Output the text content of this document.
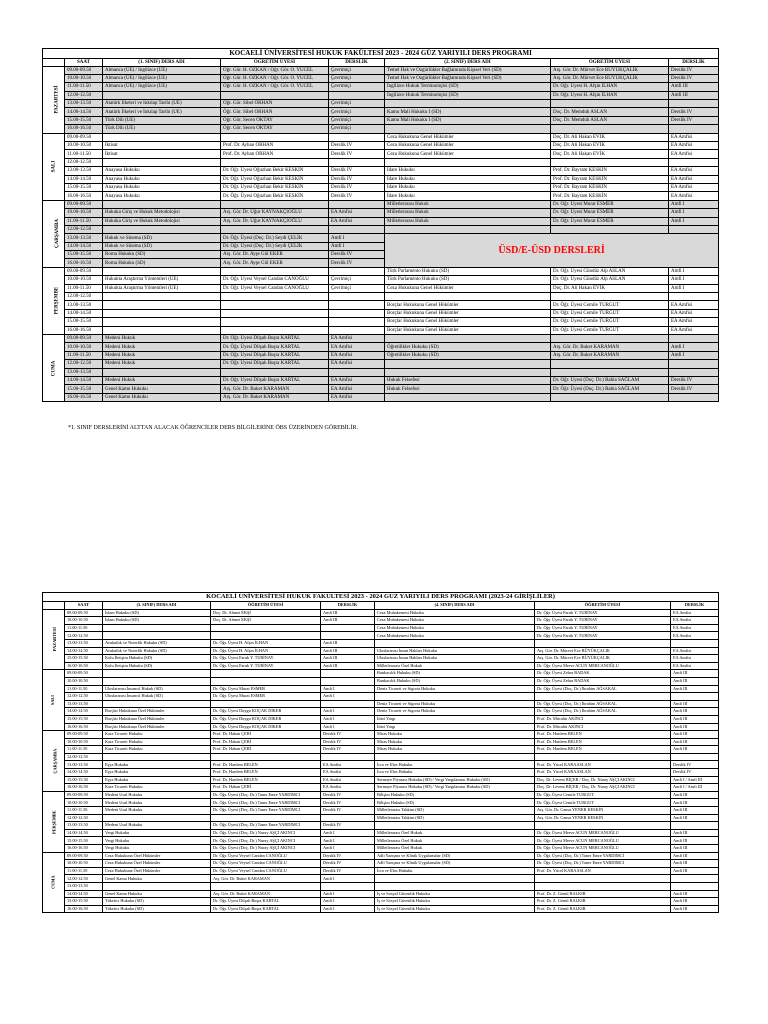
KOCAELİ ÜNİVERSİTESİ HUKUK FAKÜLTESİ 2023 - 2024 GÜZ YARIYILI DERS PROGRAMI							
	SAAT	(1. SINIF) DERS ADI	ÖĞRETİM ÜYESİ	DERSLİK	(2. SINIF) DERS ADI	ÖĞRETİM ÜYESİ	DERSLİK
PAZARTESİ	09.00-09.50	Almanca (UE) / İngilizce (UE)	Öğr. Gör. H. ÖZKAN / Öğr. Gör. Ö. YÜCEL	Çevrimiçi	Temel Hak ve Özgürlükler Bağlamında Kişisel Veri (SD)	Arş. Gör. Dr. Mürvet Ece BÜYÜKÇALIK	Derslik IV
	10.00-10.50	Almanca (UE) / İngilizce (UE)	Öğr. Gör. H. ÖZKAN / Öğr. Gör. Ö. YÜCEL	Çevrimiçi	Temel Hak ve Özgürlükler Bağlamında Kişisel Veri (SD)	Arş. Gör. Dr. Mürvet Ece BÜYÜKÇALIK	Derslik IV
	11.00-11.50	Almanca (UE) / İngilizce (UE)	Öğr. Gör. H. ÖZKAN / Öğr. Gör. Ö. YÜCEL	Çevrimiçi	İngilizce Hukuk Terminolojisi (SD)	Dr. Öğr. Üyesi H. Afşin İLHAN	Amfi III
	12.00-12.50				İngilizce Hukuk Terminolojisi (SD)	Dr. Öğr. Üyesi H. Afşin İLHAN	Amfi III
	13.00-13.50	Atatürk İlkeleri ve İnkılap Tarihi (UE)	Öğr. Gör. Sibel ORHAN	Çevrimiçi			
	14.00-14.50	Atatürk İlkeleri ve İnkılap Tarihi (UE)	Öğr. Gör. Sibel ORHAN	Çevrimiçi	Kamu Mali Hukuku I (SD)	Doç. Dr. Memduh ASLAN	Derslik IV
	15.00-15.50	Türk Dili (UE)	Öğr. Gör. Secen OKTAY	Çevrimiçi	Kamu Mali Hukuku I (SD)	Doç. Dr. Memduh ASLAN	Derslik IV
	16.00-16.50	Türk Dili (UE)	Öğr. Gör. Secen OKTAY	Çevrimiçi			
SALI	09.00-09.50				Ceza Hukukuna Genel Hükümler	Doç. Dr. Ali Hakan EVİK	EA Amfisi
	10.00-10.50	İktisat	Prof. Dr. Ayhan ORHAN	Derslik IV	Ceza Hukukuna Genel Hükümler	Doç. Dr. Ali Hakan EVİK	EA Amfisi
	11.00-11.50	İktisat	Prof. Dr. Ayhan ORHAN	Derslik IV	Ceza Hukukuna Genel Hükümler	Doç. Dr. Ali Hakan EVİK	EA Amfisi
	12.00-12.50						
	13.00-13.50	Anayasa Hukuku	Dr. Öğr. Üyesi Oğuzhan Bekir KESKİN	Derslik IV	İdare Hukuku	Prof. Dr. Bayram KESKİN	EA Amfisi
	14.00-14.50	Anayasa Hukuku	Dr. Öğr. Üyesi Oğuzhan Bekir KESKİN	Derslik IV	İdare Hukuku	Prof. Dr. Bayram KESKİN	EA Amfisi
	15.00-15.50	Anayasa Hukuku	Dr. Öğr. Üyesi Oğuzhan Bekir KESKİN	Derslik IV	İdare Hukuku	Prof. Dr. Bayram KESKİN	EA Amfisi
	16.00-16.50	Anayasa Hukuku	Dr. Öğr. Üyesi Oğuzhan Bekir KESKİN	Derslik IV	İdare Hukuku	Prof. Dr. Bayram KESKİN	EA Amfisi
ÇARŞAMBA	09.00-09.50				Milletlerarası Hukuk	Dr. Öğr. Üyesi Murat ESMER	Amfi I
	10.00-10.50	Hukuka Giriş ve Hukuk Metodolojisi	Arş. Gör. Dr. Uğur KAYNAKÇIOĞLU	EA Amfisi	Milletlerarası Hukuk	Dr. Öğr. Üyesi Murat ESMER	Amfi I
	11.00-11.50	Hukuka Giriş ve Hukuk Metodolojisi	Arş. Gör. Dr. Uğur KAYNAKÇIOĞLU	EA Amfisi	Milletlerarası Hukuk	Dr. Öğr. Üyesi Murat ESMER	Amfi I
	12.00-12.50						
	13.00-13.50	Hukuk ve Sinema (SD)	Dr. Öğr. Üyesi (Doç. Dr.) Seydi ÇELİK	Amfi I	ÜSD/E-ÜSD DERSLERİ		
	14.00-14.50	Hukuk ve Sinema (SD)	Dr. Öğr. Üyesi (Doç. Dr.) Seydi ÇELİK	Amfi I			
	15.00-15.50	Roma Hukuku (SD)	Arş. Gör. Dr. Ayşe Gül EKER	Derslik IV			
	16.00-16.50	Roma Hukuku (SD)	Arş. Gör. Dr. Ayşe Gül EKER	Derslik IV			
PERŞEMBE	09.00-09.50				Türk Parlamento Hukuku (SD)	Dr. Öğr. Üyesi Gündüz Alp ASLAN	Amfi I
	10.00-10.50	Hukukta Araştırma Yöntemleri (UE)	Dr. Öğr. Üyesi Veysel Candan CANOĞLU	Çevrimiçi	Türk Parlamento Hukuku (SD)	Dr. Öğr. Üyesi Gündüz Alp ASLAN	Amfi I
	11.00-11.50	Hukukta Araştırma Yöntemleri (UE)	Dr. Öğr. Üyesi Veysel Candan CANOĞLU	Çevrimiçi	Ceza Hukukuna Genel Hükümler	Doç. Dr. Ali Hakan EVİK	Amfi I
	12.00-12.50						
	13.00-13.50				Borçlar Hukukuna Genel Hükümler	Dr. Öğr. Üyesi Cemile TURGUT	EA Amfisi
	14.00-14.50				Borçlar Hukukuna Genel Hükümler	Dr. Öğr. Üyesi Cemile TURGUT	EA Amfisi
	15.00-15.50				Borçlar Hukukuna Genel Hükümler	Dr. Öğr. Üyesi Cemile TURGUT	EA Amfisi
	16.00-16.50				Borçlar Hukukuna Genel Hükümler	Dr. Öğr. Üyesi Cemile TURGUT	EA Amfisi
CUMA	09.00-09.50	Medeni Hukuk	Dr. Öğr. Üyesi Dilşah Buşra KARTAL	EA Amfisi			
	10.00-10.50	Medeni Hukuk	Dr. Öğr. Üyesi Dilşah Buşra KARTAL	EA Amfisi	Öğretilikler Hukuku (SD)	Arş. Gör. Dr. Buket KARAMAN	Amfi I
	11.00-11.50	Medeni Hukuk	Dr. Öğr. Üyesi Dilşah Buşra KARTAL	EA Amfisi	Öğretilikler Hukuku (SD)	Arş. Gör. Dr. Buket KARAMAN	Amfi I
	12.00-12.50	Medeni Hukuk	Dr. Öğr. Üyesi Dilşah Buşra KARTAL	EA Amfisi			
	13.00-13.50						
	14.00-14.50	Medeni Hukuk	Dr. Öğr. Üyesi Dilşah Buşra KARTAL	EA Amfisi	Hukuk Felsefesi	Dr. Öğr. Üyesi (Doç. Dr.) Rabia SAĞLAM	Derslik IV
	15.00-15.50	Genel Kamu Hukuku	Arş. Gör. Dr. Buket KARAMAN	EA Amfisi	Hukuk Felsefesi	Dr. Öğr. Üyesi (Doç. Dr.) Rabia SAĞLAM	Derslik IV
	16.00-16.50	Genel Kamu Hukuku	Arş. Gör. Dr. Buket KARAMAN	EA Amfisi			
*1. SINIF DERSLERİNİ ALTTAN ALACAK ÖĞRENCİLER DERS BİLGİLERİNE ÖBS ÜZERİNDEN GÖREBİLİR.
KOCAELİ ÜNİVERSİTESİ HUKUK FAKÜLTESİ 2023 - 2024 GÜZ YARIYILI DERS PROGRAMI (2023-24 GİRİŞLİLER)							
	SAAT	(3. SINIF) DERS ADI	ÖĞRETİM ÜYESİ	DERSLİK	(4. SINIF) DERS ADI	ÖĞRETİM ÜYESİ	DERSLİK
PAZARTESİ	09.00-09.50	İslam Hukuku (SD)	Doç. Dr. Ahmet EKŞİ	Amfi III	Ceza Muhakemesi Hukuku	Dr. Öğr. Üyesi Faruk Y. TURİNAY	EA Amfisi
	10.00-10.50	İslam Hukuku (SD)	Doç. Dr. Ahmet EKŞİ	Amfi III	Ceza Muhakemesi Hukuku	Dr. Öğr. Üyesi Faruk Y. TURİNAY	EA Amfisi
	11.00-11.50				Ceza Muhakemesi Hukuku	Dr. Öğr. Üyesi Faruk Y. TURİNAY	EA Amfisi
	12.00-12.50				Ceza Muhakemesi Hukuku	Dr. Öğr. Üyesi Faruk Y. TURİNAY	EA Amfisi
	13.00-13.50	Avukatlık ve Noterlik Hukuku (SD)	Dr. Öğr. Üyesi H. Afşin İLHAN	Amfi III			
	14.00-14.50	Avukatlık ve Noterlik Hukuku (SD)	Dr. Öğr. Üyesi H. Afşin İLHAN	Amfi III	Uluslararası İnsan Hakları Hukuku	Arş. Gör. Dr. Mürvet Ece BÜYÜKÇALIK	EA Amfisi
	15.00-15.50	Kolu İletişim Hukuku (SD)	Dr. Öğr. Üyesi Faruk Y. TURİNAY	Amfi III	Uluslararası İnsan Hakları Hukuku	Arş. Gör. Dr. Mürvet Ece BÜYÜKÇALIK	EA Amfisi
	16.00-16.50	Kolu İletişim Hukuku (SD)	Dr. Öğr. Üyesi Faruk Y. TURİNAY	Amfi III	Milletlerarası Özel Hukuk	Dr. Öğr. Üyesi Merve ACUN MERCANOĞLU	EA Amfisi
SALI	09.00-09.50				Bankacılık Hukuku (SD)	Dr. Öğr. Üyesi Zehra BADAK	Amfi III
	10.00-10.50				Bankacılık Hukuku (SD)	Dr. Öğr. Üyesi Zehra BADAK	Amfi III
	11.00-11.50	Uluslararası İnsancıl Hukuk (SD)	Dr. Öğr. Üyesi Murat ESMER	Amfi I	Deniz Ticareti ve Sigorta Hukuku	Dr. Öğr. Üyesi (Doç. Dr.) İbrahim AĞSAKAL	Amfi III
	12.00-12.50	Uluslararası İnsancıl Hukuk (SD)	Dr. Öğr. Üyesi Murat ESMER	Amfi I			
	13.00-13.50				Deniz Ticareti ve Sigorta Hukuku	Dr. Öğr. Üyesi (Doç. Dr.) İbrahim AĞSAKAL	Amfi III
	14.00-14.50	Borçlar Hukukuna Özel Hükümler	Dr. Öğr. Üyesi Duygu KOÇAK DİKER	Amfi I	Deniz Ticareti ve Sigorta Hukuku	Dr. Öğr. Üyesi (Doç. Dr.) İbrahim AĞSAKAL	Amfi III
	15.00-15.50	Borçlar Hukukuna Özel Hükümler	Dr. Öğr. Üyesi Duygu KOÇAK DİKER	Amfi I	İdari Yargı	Prof. Dr. Mücahit AKINCI	Amfi III
	16.00-16.50	Borçlar Hukukuna Özel Hükümler	Dr. Öğr. Üyesi Duygu KOÇAK DİKER	Amfi I	İdari Yargı	Prof. Dr. Mücahit AKINCI	Amfi III
ÇARŞAMBA	09.00-09.50	Kara Ticareti Hukuku	Prof. Dr. Hakan ÇEBİ	Derslik IV	Miras Hukuku	Prof. Dr. Hardem BELEN	Amfi III
	10.00-10.50	Kara Ticareti Hukuku	Prof. Dr. Hakan ÇEBİ	Derslik IV	Miras Hukuku	Prof. Dr. Hardem BELEN	Amfi III
	11.00-11.50	Kara Ticareti Hukuku	Prof. Dr. Hakan ÇEBİ	Derslik IV	Miras Hukuku	Prof. Dr. Hardem BELEN	Amfi III
	12.00-12.50						
	13.00-13.50	Eşya Hukuku	Prof. Dr. Hardem BELEN	EA Amfisi	İcra ve İflas Hukuku	Prof. Dr. Yücel KARAASLAN	Derslik IV
	14.00-14.50	Eşya Hukuku	Prof. Dr. Hardem BELEN	EA Amfisi	İcra ve İflas Hukuku	Prof. Dr. Yücel KARAASLAN	Derslik IV
	15.00-15.50	Eşya Hukuku	Prof. Dr. Hardem BELEN	EA Amfisi	Sermaye Piyasası Hukuku (SD) / Vergi Yargılaması Hukuku (SD)	Doç. Dr. Levent BİÇER / Doç. Dr. Nuray AŞÇI AKINCI	Amfi I / Amfi III
	16.00-16.50	Kara Ticareti Hukuku	Prof. Dr. Hakan ÇEBİ	EA Amfisi	Sermaye Piyasası Hukuku (SD) / Vergi Yargılaması Hukuku (SD)	Doç. Dr. Levent BİÇER / Doç. Dr. Nuray AŞÇI AKINCI	Amfi I / Amfi III
PERŞEMBE	09.00-09.50	Medeni Usul Hukuku	Dr. Öğr. Üyesi (Doç. Dr.) Taner Emre YARDIMCI	Derslik IV	Bilişim Hukuku (SD)	Dr. Öğr. Üyesi Cemile TURGUT	Amfi III
	10.00-10.50	Medeni Usul Hukuku	Dr. Öğr. Üyesi (Doç. Dr.) Taner Emre YARDIMCI	Derslik IV	Bilişim Hukuku (SD)	Dr. Öğr. Üyesi Cemile TURGUT	Amfi III
	11.00-11.50	Medeni Usul Hukuku	Dr. Öğr. Üyesi (Doç. Dr.) Taner Emre YARDIMCI	Derslik IV	Milletlerarası Tahkim (SD)	Arş. Gör. Dr. Cansu YENER KESKİN	Amfi III
	12.00-12.50				Milletlerarası Tahkim (SD)	Arş. Gör. Dr. Cansu YENER KESKİN	Amfi III
	13.00-13.50	Medeni Usul Hukuku	Dr. Öğr. Üyesi (Doç. Dr.) Taner Emre YARDIMCI	Derslik IV			
	14.00-14.50	Vergi Hukuku	Dr. Öğr. Üyesi (Doç. Dr.) Nuray AŞÇI AKINCI	Amfi I	Milletlerarası Özel Hukuk	Dr. Öğr. Üyesi Merve ACUN MERCANOĞLU	Amfi III
	15.00-15.50	Vergi Hukuku	Dr. Öğr. Üyesi (Doç. Dr.) Nuray AŞÇI AKINCI	Amfi I	Milletlerarası Özel Hukuk	Dr. Öğr. Üyesi Merve ACUN MERCANOĞLU	Amfi III
	16.00-16.50	Vergi Hukuku	Dr. Öğr. Üyesi (Doç. Dr.) Nuray AŞÇI AKINCI	Amfi I	Milletlerarası Özel Hukuk	Dr. Öğr. Üyesi Merve ACUN MERCANOĞLU	Amfi III
CUMA	09.00-09.50	Ceza Hukukuna Özel Hükümler	Dr. Öğr. Üyesi Veysel Candan CANOĞLU	Derslik IV	Adli Yazışma ve Klinik Uygulamalar (SD)	Dr. Öğr. Üyesi (Doç. Dr.) Taner Emre YARDIMCI	Amfi III
	10.00-10.50	Ceza Hukukuna Özel Hükümler	Dr. Öğr. Üyesi Veysel Candan CANOĞLU	Derslik IV	Adli Yazışma ve Klinik Uygulamalar (SD)	Dr. Öğr. Üyesi (Doç. Dr.) Taner Emre YARDIMCI	Amfi III
	11.00-11.50	Ceza Hukukuna Özel Hükümler	Dr. Öğr. Üyesi Veysel Candan CANOĞLU	Derslik IV	İcra ve İflas Hukuku	Prof. Dr. Yücel KARAASLAN	Amfi III
	12.00-12.50	Genel Kamu Hukuku	Arş. Gör. Dr. Buket KARAMAN	Amfi I			
	13.00-13.50						
	14.00-14.50	Genel Kamu Hukuku	Arş. Gör. Dr. Buket KARAMAN	Amfi I	İş ve Sosyal Güvenlik Hukuku	Prof. Dr. Z. Gönül BALKIR	Amfi III
	15.00-15.50	Tüketici Hukuku (SD)	Dr. Öğr. Üyesi Dilşah Buşra KARTAL	Amfi I	İş ve Sosyal Güvenlik Hukuku	Prof. Dr. Z. Gönül BALKIR	Amfi III
	16.00-16.50	Tüketici Hukuku (SD)	Dr. Öğr. Üyesi Dilşah Buşra KARTAL	Amfi I	İş ve Sosyal Güvenlik Hukuku	Prof. Dr. Z. Gönül BALKIR	Amfi III
